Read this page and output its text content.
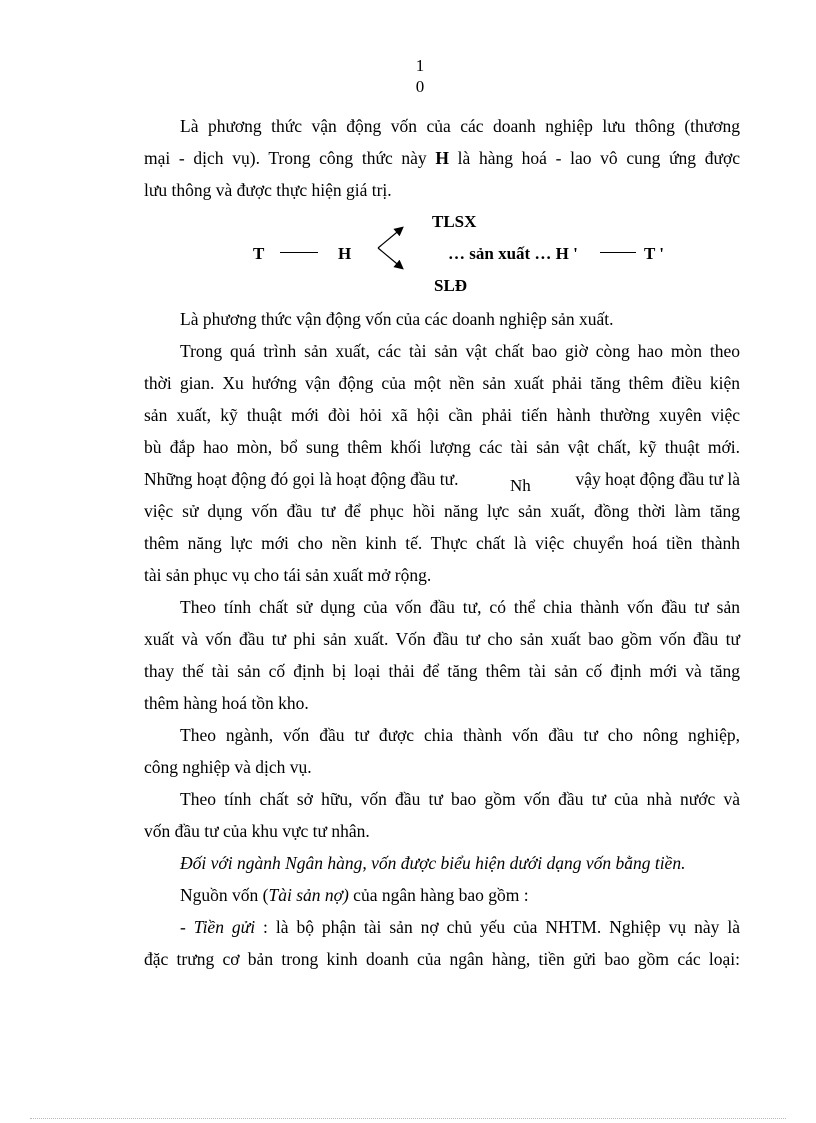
1
0
Là phương thức vận động vốn của các doanh nghiệp lưu thông (thương
mại - dịch vụ). Trong công thức này H là hàng hoá - lao vô cung ứng được
lưu thông và được thực hiện giá trị.
T	H
TLSX
… sản xuất … H '	T '
SLĐ
Là phương thức vận động vốn của các doanh nghiệp sản xuất.
Trong quá trình sản xuất, các tài sản vật chất bao giờ còng hao mòn theo
thời gian. Xu hướng vận động của một nền sản xuất phải tăng thêm điều kiện
sản xuất, kỹ thuật mới đòi hỏi xã hội cần phải tiến hành thường xuyên việc
bù đắp hao mòn, bổ sung thêm khối lượng các tài sản vật chất, kỹ thuật mới.
Những hoạt động đó gọi là hoạt động đầu tư.	Nh	vậy hoạt động đầu tư là
việc sử dụng vốn đầu tư để phục hồi năng lực sản xuất, đồng thời làm tăng
thêm năng lực mới cho nền kinh tế. Thực chất là việc chuyển hoá tiền thành
tài sản phục vụ cho tái sản xuất mở rộng.
Theo tính chất sử dụng của vốn đầu tư, có thể chia thành vốn đầu tư sản
xuất và vốn đầu tư phi sản xuất. Vốn đầu tư cho sản xuất bao gồm vốn đầu tư
thay thế tài sản cố định bị loại thải để tăng thêm tài sản cố định mới và tăng
thêm hàng hoá tồn kho.
Theo ngành, vốn đầu tư được chia thành vốn đầu tư cho nông nghiệp,
công nghiệp và dịch vụ.
Theo tính chất sở hữu, vốn đầu tư bao gồm vốn đầu tư của nhà nước và
vốn đầu tư của khu vực tư nhân.
Đối với ngành Ngân hàng, vốn được biểu hiện dưới dạng vốn bằng tiền.
Nguồn vốn (Tài sản nợ) của ngân hàng bao gồm :
- Tiền gửi : là bộ phận tài sản nợ chủ yếu của NHTM. Nghiệp vụ này là
đặc trưng cơ bản trong kinh doanh của ngân hàng, tiền gửi bao gồm các loại:
